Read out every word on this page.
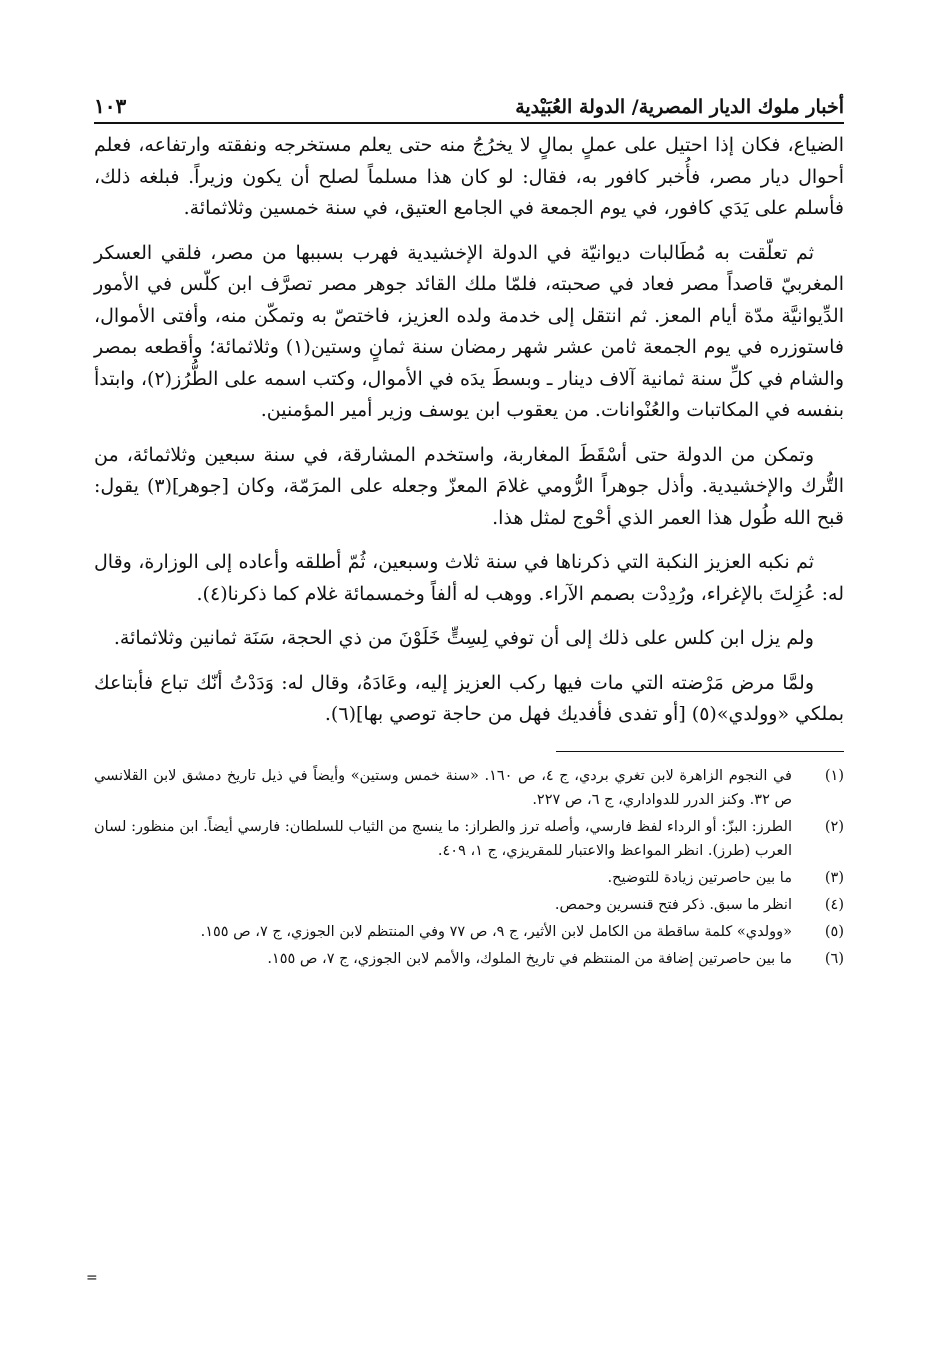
أخبار ملوك الديار المصرية/ الدولة العُبَيْدية
١٠٣

الضياع، فكان إذا احتيل على عملٍ بمالٍ لا يخرُجُ منه حتى يعلم مستخرجه ونفقته وارتفاعه، فعلم أحوال ديار مصر، فأُخبر كافور به، فقال: لو كان هذا مسلماً لصلح أن يكون وزيراً. فبلغه ذلك، فأسلم على يَدَي كافور، في يوم الجمعة في الجامع العتيق، في سنة خمسين وثلاثمائة.

ثم تعلّقت به مُطَالبات ديوانيّة في الدولة الإخشيدية فهرب بسببها من مصر، فلقي العسكر المغربيّ قاصداً مصر فعاد في صحبته، فلمّا ملك القائد جوهر مصر تصرَّف ابن كلّس في الأمور الدِّيوانيَّة مدّة أيام المعز. ثم انتقل إلى خدمة ولده العزيز، فاختصّ به وتمكّن منه، وأفتى الأموال، فاستوزره في يوم الجمعة ثامن عشر شهر رمضان سنة ثمانٍ وستين(١) وثلاثمائة؛ وأقطعه بمصر والشام في كلِّ سنة ثمانية آلاف دينار ـ وبسطَ يدَه في الأموال، وكتب اسمه على الطُّرُز(٢)، وابتدأ بنفسه في المكاتبات والعُنْوانات. من يعقوب ابن يوسف وزير أمير المؤمنين.

وتمكن من الدولة حتى أسْقَطَ المغاربة، واستخدم المشارقة، في سنة سبعين وثلاثمائة، من التُّرك والإخشيدية. وأذل جوهراً الرُّومي غلامَ المعزّ وجعله على المرَمّة، وكان [جوهر](٣) يقول: قبح الله طُول هذا العمر الذي أحْوج لمثل هذا.

ثم نكبه العزيز النكبة التي ذكرناها في سنة ثلاث وسبعين، ثُمّ أطلقه وأعاده إلى الوزارة، وقال له: عُزِلتَ بالإغراء، ورُدِدْت بصمم الآراء. ووهب له ألفاً وخمسمائة غلام كما ذكرنا(٤).

ولم يزل ابن كلس على ذلك إلى أن توفي لِسِتٍّ خَلَوْنَ من ذي الحجة، سَنَة ثمانين وثلاثمائة.

ولمَّا مرض مَرْضته التي مات فيها ركب العزيز إليه، وعَادَهُ، وقال له: وَدَدْتُ أنّك تباع فأبتاعك بملكي «وولدي»(٥) [أو تفدى فأفديك فهل من حاجة توصي بها](٦).

(١)
في النجوم الزاهرة لابن تغري بردي، ج ٤، ص ١٦٠. «سنة خمس وستين» وأيضاً في ذيل تاريخ دمشق لابن القلانسي ص ٣٢. وكنز الدرر للدواداري، ج ٦، ص ٢٢٧.
(٢)
الطرز: البزّ: أو الرداء لفظ فارسي، وأصله ترز والطراز: ما ينسج من الثياب للسلطان: فارسي أيضاً. ابن منظور: لسان العرب (طرز). انظر المواعظ والاعتبار للمقريزي، ج ١، ٤٠٩.
(٣)
ما بين حاصرتين زيادة للتوضيح.
(٤)
انظر ما سبق. ذكر فتح قنسرين وحمص.
(٥)
«وولدي» كلمة ساقطة من الكامل لابن الأثير، ج ٩، ص ٧٧ وفي المنتظم لابن الجوزي، ج ٧، ص ١٥٥.
(٦)
ما بين حاصرتين إضافة من المنتظم في تاريخ الملوك، والأمم لابن الجوزي، ج ٧، ص ١٥٥.
=
